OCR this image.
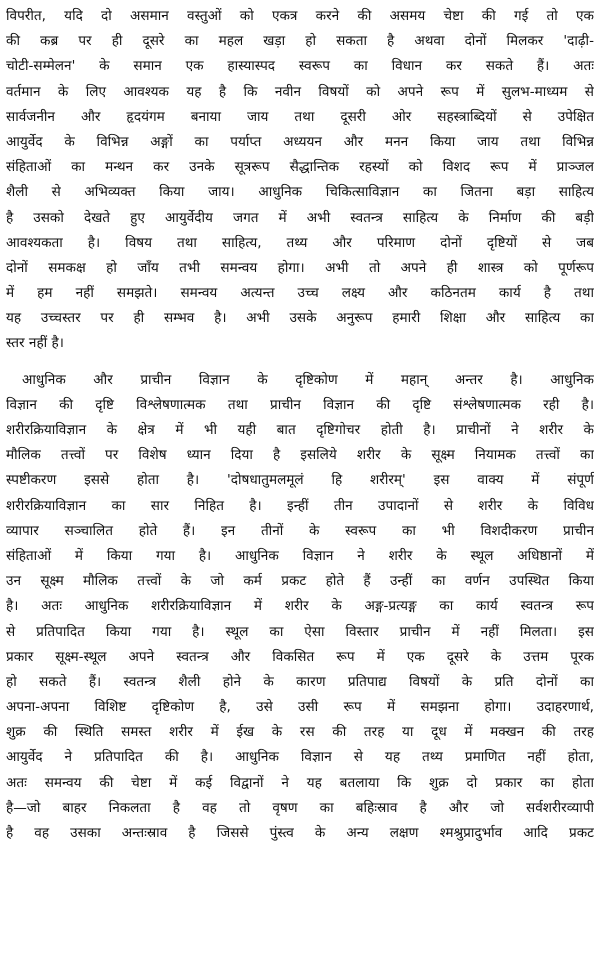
विपरीत, यदि दो असमान वस्तुओं को एकत्र करने की असमय चेष्टा की गई तो एक
की कब्र पर ही दूसरे का महल खड़ा हो सकता है अथवा दोनों मिलकर 'दाढ़ी-
चोटी-सम्मेलन' के समान एक हास्यास्पद स्वरूप का विधान कर सकते हैं। अतः
वर्तमान के लिए आवश्यक यह है कि नवीन विषयों को अपने रूप में सुलभ-माध्यम से
सार्वजनीन और हृदयंगम बनाया जाय तथा दूसरी ओर सहस्त्राब्दियों से उपेक्षित
आयुर्वेद के विभिन्न अङ्गों का पर्याप्त अध्ययन और मनन किया जाय तथा विभिन्न
संहिताओं का मन्थन कर उनके सूत्ररूप सैद्धान्तिक रहस्यों को विशद रूप में प्राञ्जल
शैली से अभिव्यक्त किया जाय। आधुनिक चिकित्साविज्ञान का जितना बड़ा साहित्य
है उसको देखते हुए आयुर्वेदीय जगत में अभी स्वतन्त्र साहित्य के निर्माण की बड़ी
आवश्यकता है। विषय तथा साहित्य, तथ्य और परिमाण दोनों दृष्टियों से जब
दोनों समकक्ष हो जाँय तभी समन्वय होगा। अभी तो अपने ही शास्त्र को पूर्णरूप
में हम नहीं समझते। समन्वय अत्यन्त उच्च लक्ष्य और कठिनतम कार्य है तथा
यह उच्चस्तर पर ही सम्भव है। अभी उसके अनुरूप हमारी शिक्षा और साहित्य का
स्तर नहीं है।
आधुनिक और प्राचीन विज्ञान के दृष्टिकोण में महान् अन्तर है। आधुनिक
विज्ञान की दृष्टि विश्लेषणात्मक तथा प्राचीन विज्ञान की दृष्टि संश्लेषणात्मक रही है।
शरीरक्रियाविज्ञान के क्षेत्र में भी यही बात दृष्टिगोचर होती है। प्राचीनों ने शरीर के
मौलिक तत्त्वों पर विशेष ध्यान दिया है इसलिये शरीर के सूक्ष्म नियामक तत्त्वों का
स्पष्टीकरण इससे होता है। 'दोषधातुमलमूलं हि शरीरम्' इस वाक्य में संपूर्ण
शरीरक्रियाविज्ञान का सार निहित है। इन्हीं तीन उपादानों से शरीर के विविध
व्यापार सञ्चालित होते हैं। इन तीनों के स्वरूप का भी विशदीकरण प्राचीन
संहिताओं में किया गया है। आधुनिक विज्ञान ने शरीर के स्थूल अधिष्ठानों में
उन सूक्ष्म मौलिक तत्त्वों के जो कर्म प्रकट होते हैं उन्हीं का वर्णन उपस्थित किया
है। अतः आधुनिक शरीरक्रियाविज्ञान में शरीर के अङ्ग-प्रत्यङ्ग का कार्य स्वतन्त्र रूप
से प्रतिपादित किया गया है। स्थूल का ऐसा विस्तार प्राचीन में नहीं मिलता। इस
प्रकार सूक्ष्म-स्थूल अपने स्वतन्त्र और विकसित रूप में एक दूसरे के उत्तम पूरक
हो सकते हैं। स्वतन्त्र शैली होने के कारण प्रतिपाद्य विषयों के प्रति दोनों का
अपना-अपना विशिष्ट दृष्टिकोण है, उसे उसी रूप में समझना होगा। उदाहरणार्थ,
शुक्र की स्थिति समस्त शरीर में ईख के रस की तरह या दूध में मक्खन की तरह
आयुर्वेद ने प्रतिपादित की है। आधुनिक विज्ञान से यह तथ्य प्रमाणित नहीं होता,
अतः समन्वय की चेष्टा में कई विद्वानों ने यह बतलाया कि शुक्र दो प्रकार का होता
है—जो बाहर निकलता है वह तो वृषण का बहिःस्राव है और जो सर्वशरीरव्यापी
है वह उसका अन्तःस्राव है जिससे पुंस्त्व के अन्य लक्षण श्मश्रुप्रादुर्भाव आदि प्रकट
